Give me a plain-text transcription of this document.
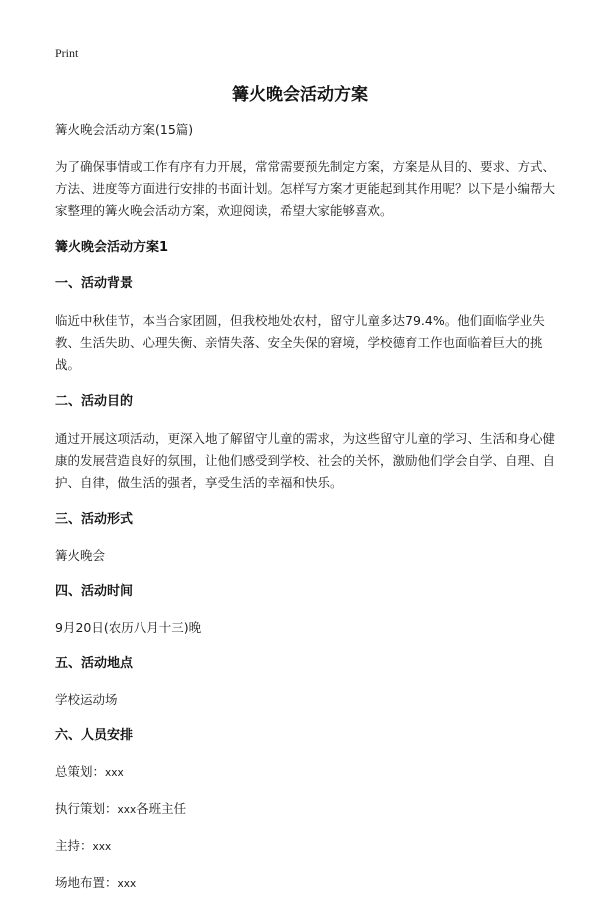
Print
篝火晚会活动方案
篝火晚会活动方案(15篇)

为了确保事情或工作有序有力开展，常常需要预先制定方案，方案是从目的、要求、方式、方法、进度等方面进行安排的书面计划。怎样写方案才更能起到其作用呢？以下是小编帮大家整理的篝火晚会活动方案，欢迎阅读，希望大家能够喜欢。

篝火晚会活动方案1
一、活动背景

临近中秋佳节，本当合家团圆，但我校地处农村，留守儿童多达79.4%。他们面临学业失教、生活失助、心理失衡、亲情失落、安全失保的窘境，学校德育工作也面临着巨大的挑战。

二、活动目的

通过开展这项活动，更深入地了解留守儿童的需求，为这些留守儿童的学习、生活和身心健康的发展营造良好的氛围，让他们感受到学校、社会的关怀，激励他们学会自学、自理、自护、自律，做生活的强者，享受生活的幸福和快乐。

三、活动形式
篝火晚会
四、活动时间
9月20日(农历八月十三)晚
五、活动地点
学校运动场
六、人员安排
总策划：xxx
执行策划：xxx各班主任
主持：xxx
场地布置：xxx
